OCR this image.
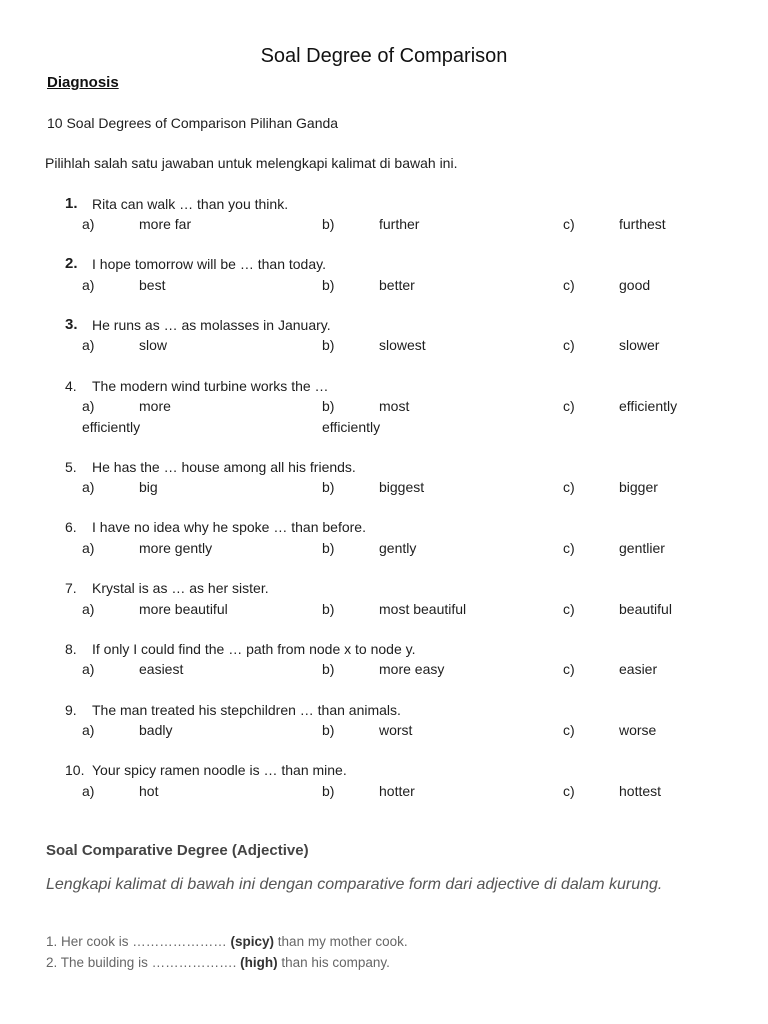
Soal Degree of Comparison
Diagnosis
10 Soal Degrees of Comparison Pilihan Ganda
Pilihlah salah satu jawaban untuk melengkapi kalimat di bawah ini.
1. Rita can walk … than you think.
a)	more far	b)	further	c)	furthest
2. I hope tomorrow will be … than today.
a)	best	b)	better	c)	good
3. He runs as … as molasses in January.
a)	slow	b)	slowest	c)	slower
4. The modern wind turbine works the …
a)	more	b)	most	c)	efficiently
efficiently	efficiently
5. He has the … house among all his friends.
a)	big	b)	biggest	c)	bigger
6. I have no idea why he spoke … than before.
a)	more gently	b)	gently	c)	gentlier
7. Krystal is as … as her sister.
a)	more beautiful	b)	most beautiful	c)	beautiful
8. If only I could find the … path from node x to node y.
a)	easiest	b)	more easy	c)	easier
9. The man treated his stepchildren … than animals.
a)	badly	b)	worst	c)	worse
10. Your spicy ramen noodle is … than mine.
a)	hot	b)	hotter	c)	hottest
Soal Comparative Degree (Adjective)
Lengkapi kalimat di bawah ini dengan comparative form dari adjective di dalam kurung.
1. Her cook is ………………… (spicy) than my mother cook.
2. The building is ………………. (high) than his company.
